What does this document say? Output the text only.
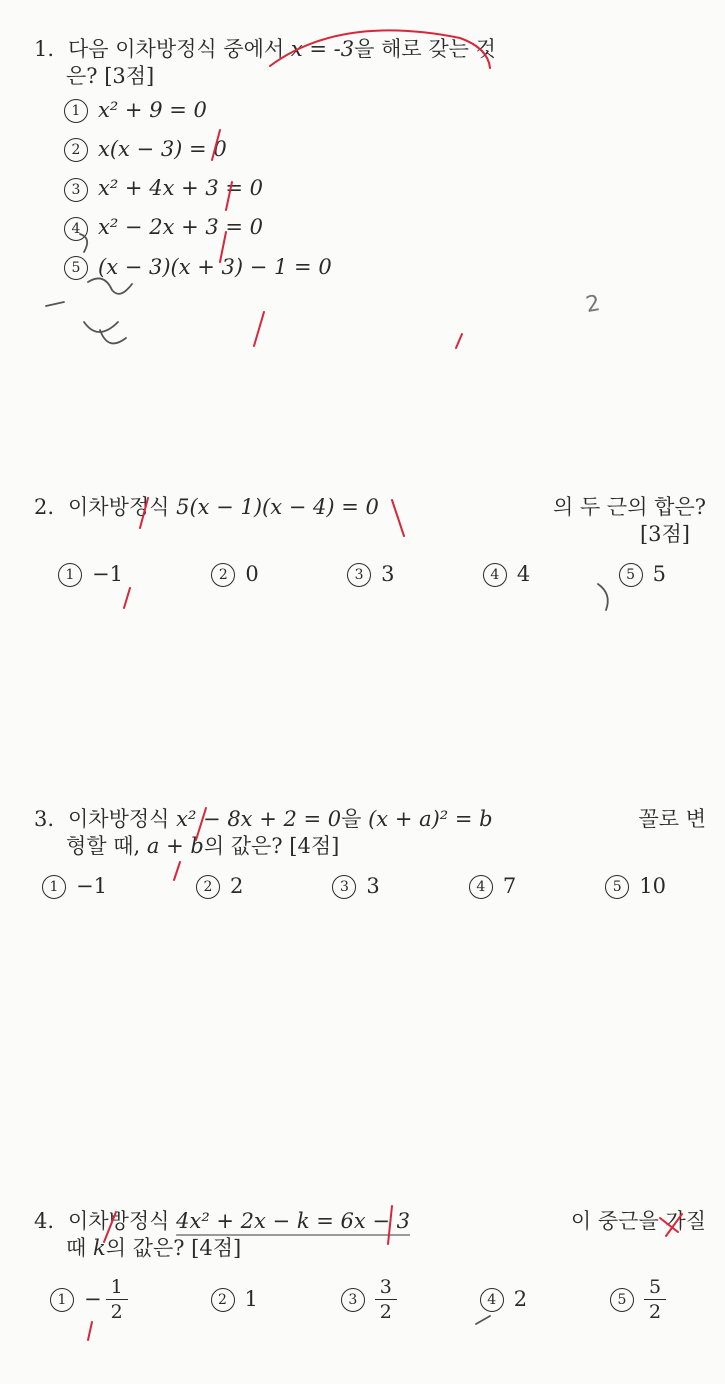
1. 다음 이차방정식 중에서 x = -3을 해로 갖는 것
은? [3점]
1 x² + 9 = 0
2 x(x − 3) = 0
3 x² + 4x + 3 = 0
4 x² − 2x + 3 = 0
5 (x − 3)(x + 3) − 1 = 0
2
2. 이차방정식 5(x − 1)(x − 4) = 0	의 두 근의 합은?
[3점]
1 −1	2 0	3 3	4 4	5 5
3. 이차방정식 x² − 8x + 2 = 0을 (x + a)² = b	꼴로 변
형할 때, a + b의 값은? [4점]
1 −1	2 2	3 3	4 7	5 10
4. 이차방정식 4x² + 2x − k = 6x − 3	이 중근을 가질
때 k의 값은? [4점]
$1 - \frac{1}{2}$	2 1	$3 \frac{3}{2}$	4 2	$5 \frac{5}{2}$
